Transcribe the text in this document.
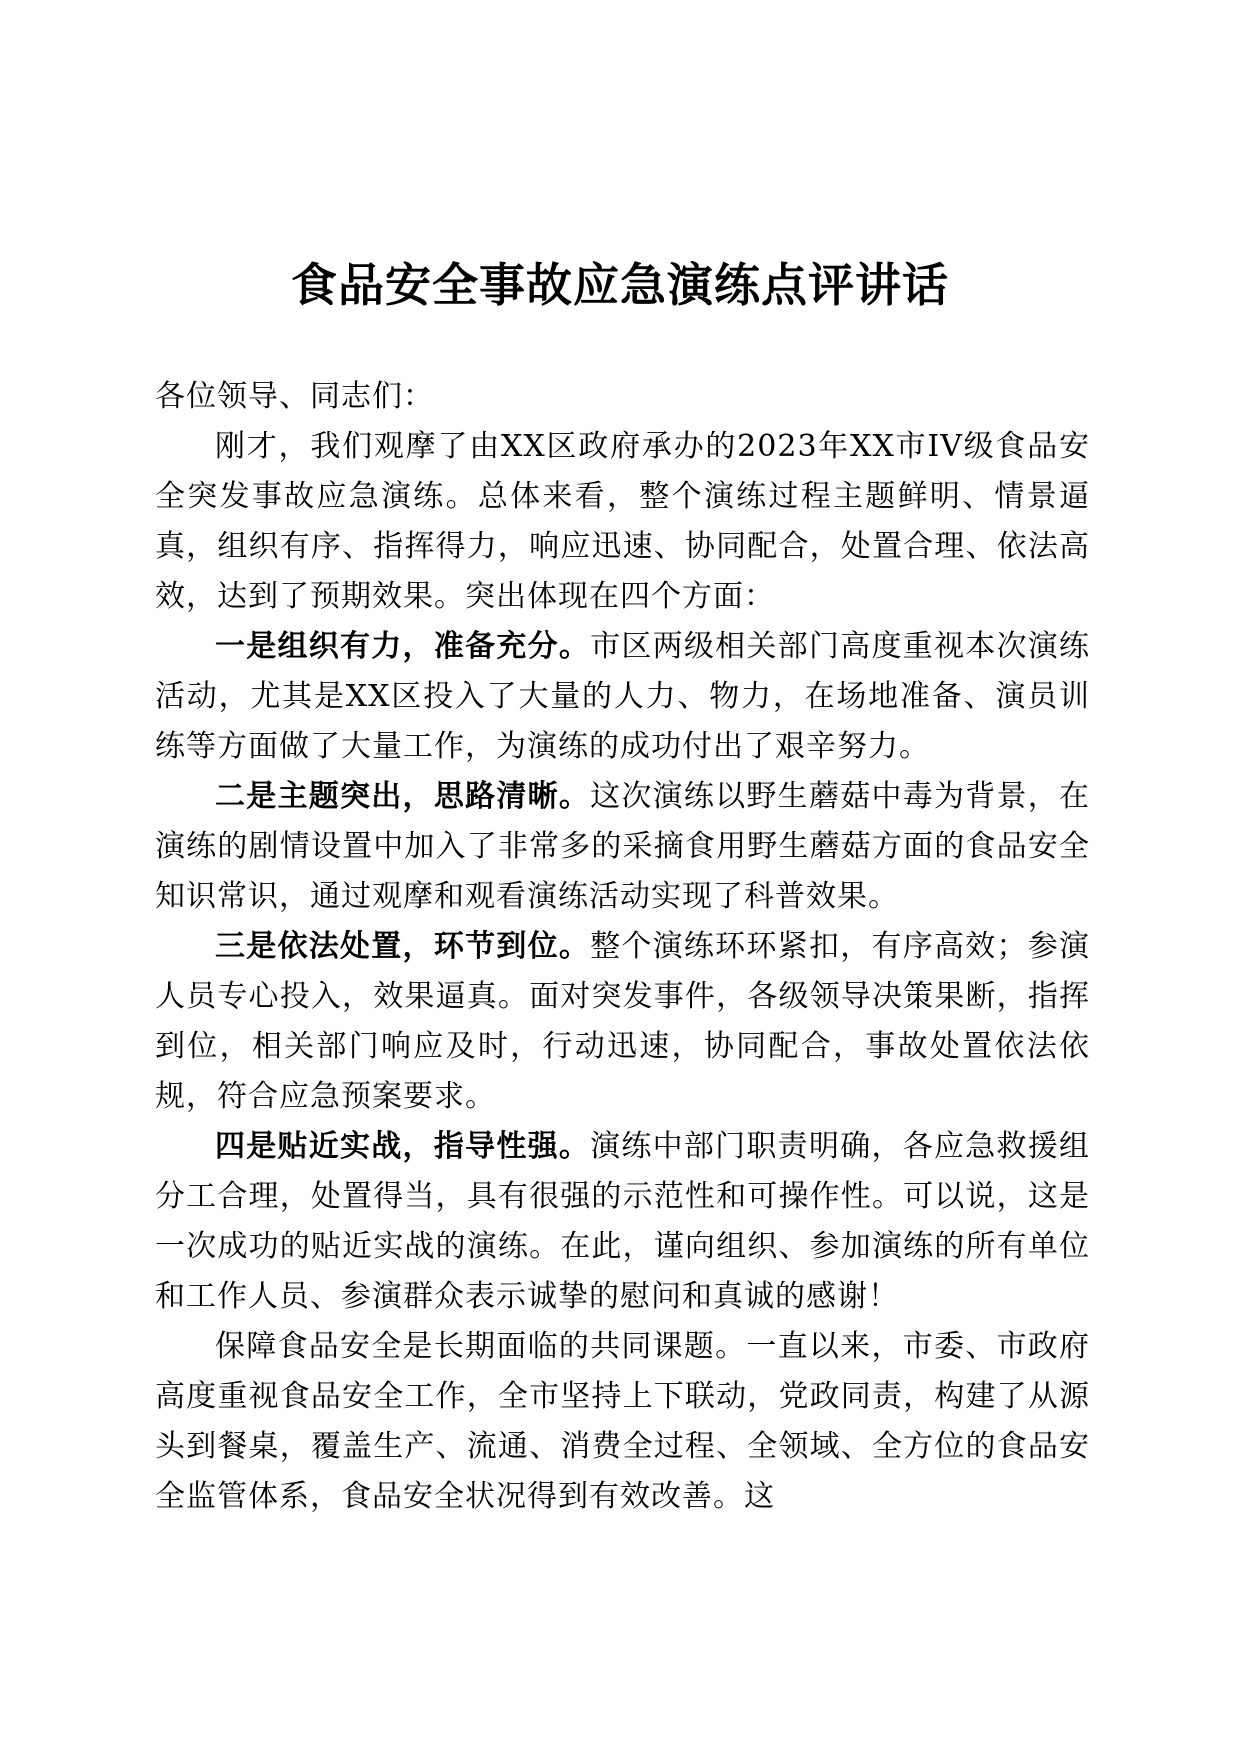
食品安全事故应急演练点评讲话

各位领导、同志们：

刚才，我们观摩了由XX区政府承办的2023年XX市IV级食品安全突发事故应急演练。总体来看，整个演练过程主题鲜明、情景逼真，组织有序、指挥得力，响应迅速、协同配合，处置合理、依法高效，达到了预期效果。突出体现在四个方面：

一是组织有力，准备充分。市区两级相关部门高度重视本次演练活动，尤其是XX区投入了大量的人力、物力，在场地准备、演员训练等方面做了大量工作，为演练的成功付出了艰辛努力。

二是主题突出，思路清晰。这次演练以野生蘑菇中毒为背景，在演练的剧情设置中加入了非常多的采摘食用野生蘑菇方面的食品安全知识常识，通过观摩和观看演练活动实现了科普效果。

三是依法处置，环节到位。整个演练环环紧扣，有序高效；参演人员专心投入，效果逼真。面对突发事件，各级领导决策果断，指挥到位，相关部门响应及时，行动迅速，协同配合，事故处置依法依规，符合应急预案要求。

四是贴近实战，指导性强。演练中部门职责明确，各应急救援组分工合理，处置得当，具有很强的示范性和可操作性。可以说，这是一次成功的贴近实战的演练。在此，谨向组织、参加演练的所有单位和工作人员、参演群众表示诚挚的慰问和真诚的感谢！

保障食品安全是长期面临的共同课题。一直以来，市委、市政府高度重视食品安全工作，全市坚持上下联动，党政同责，构建了从源头到餐桌，覆盖生产、流通、消费全过程、全领域、全方位的食品安全监管体系，食品安全状况得到有效改善。这
